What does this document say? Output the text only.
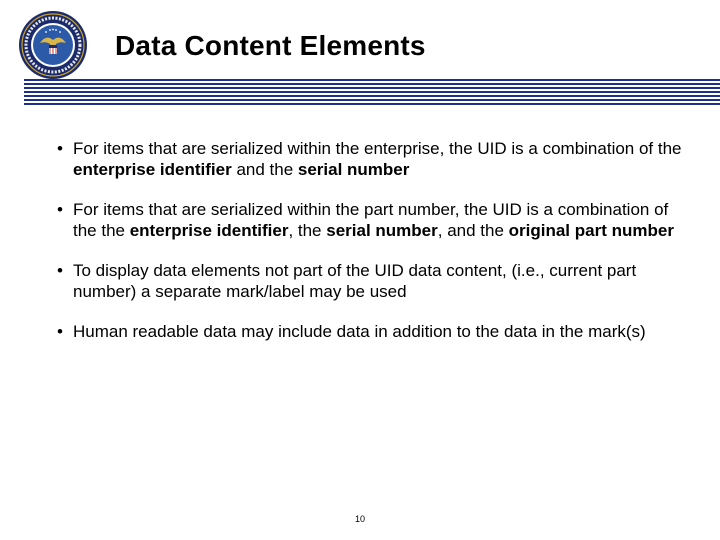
Data Content Elements
• For items that are serialized within the enterprise, the UID is a combination of the enterprise identifier and the serial number
• For items that are serialized within the part number, the UID is a combination of the the enterprise identifier, the serial number, and the original part number
• To display data elements not part of the UID data content, (i.e., current part number) a separate mark/label may be used
• Human readable data may include data in addition to the data in the mark(s)
10
